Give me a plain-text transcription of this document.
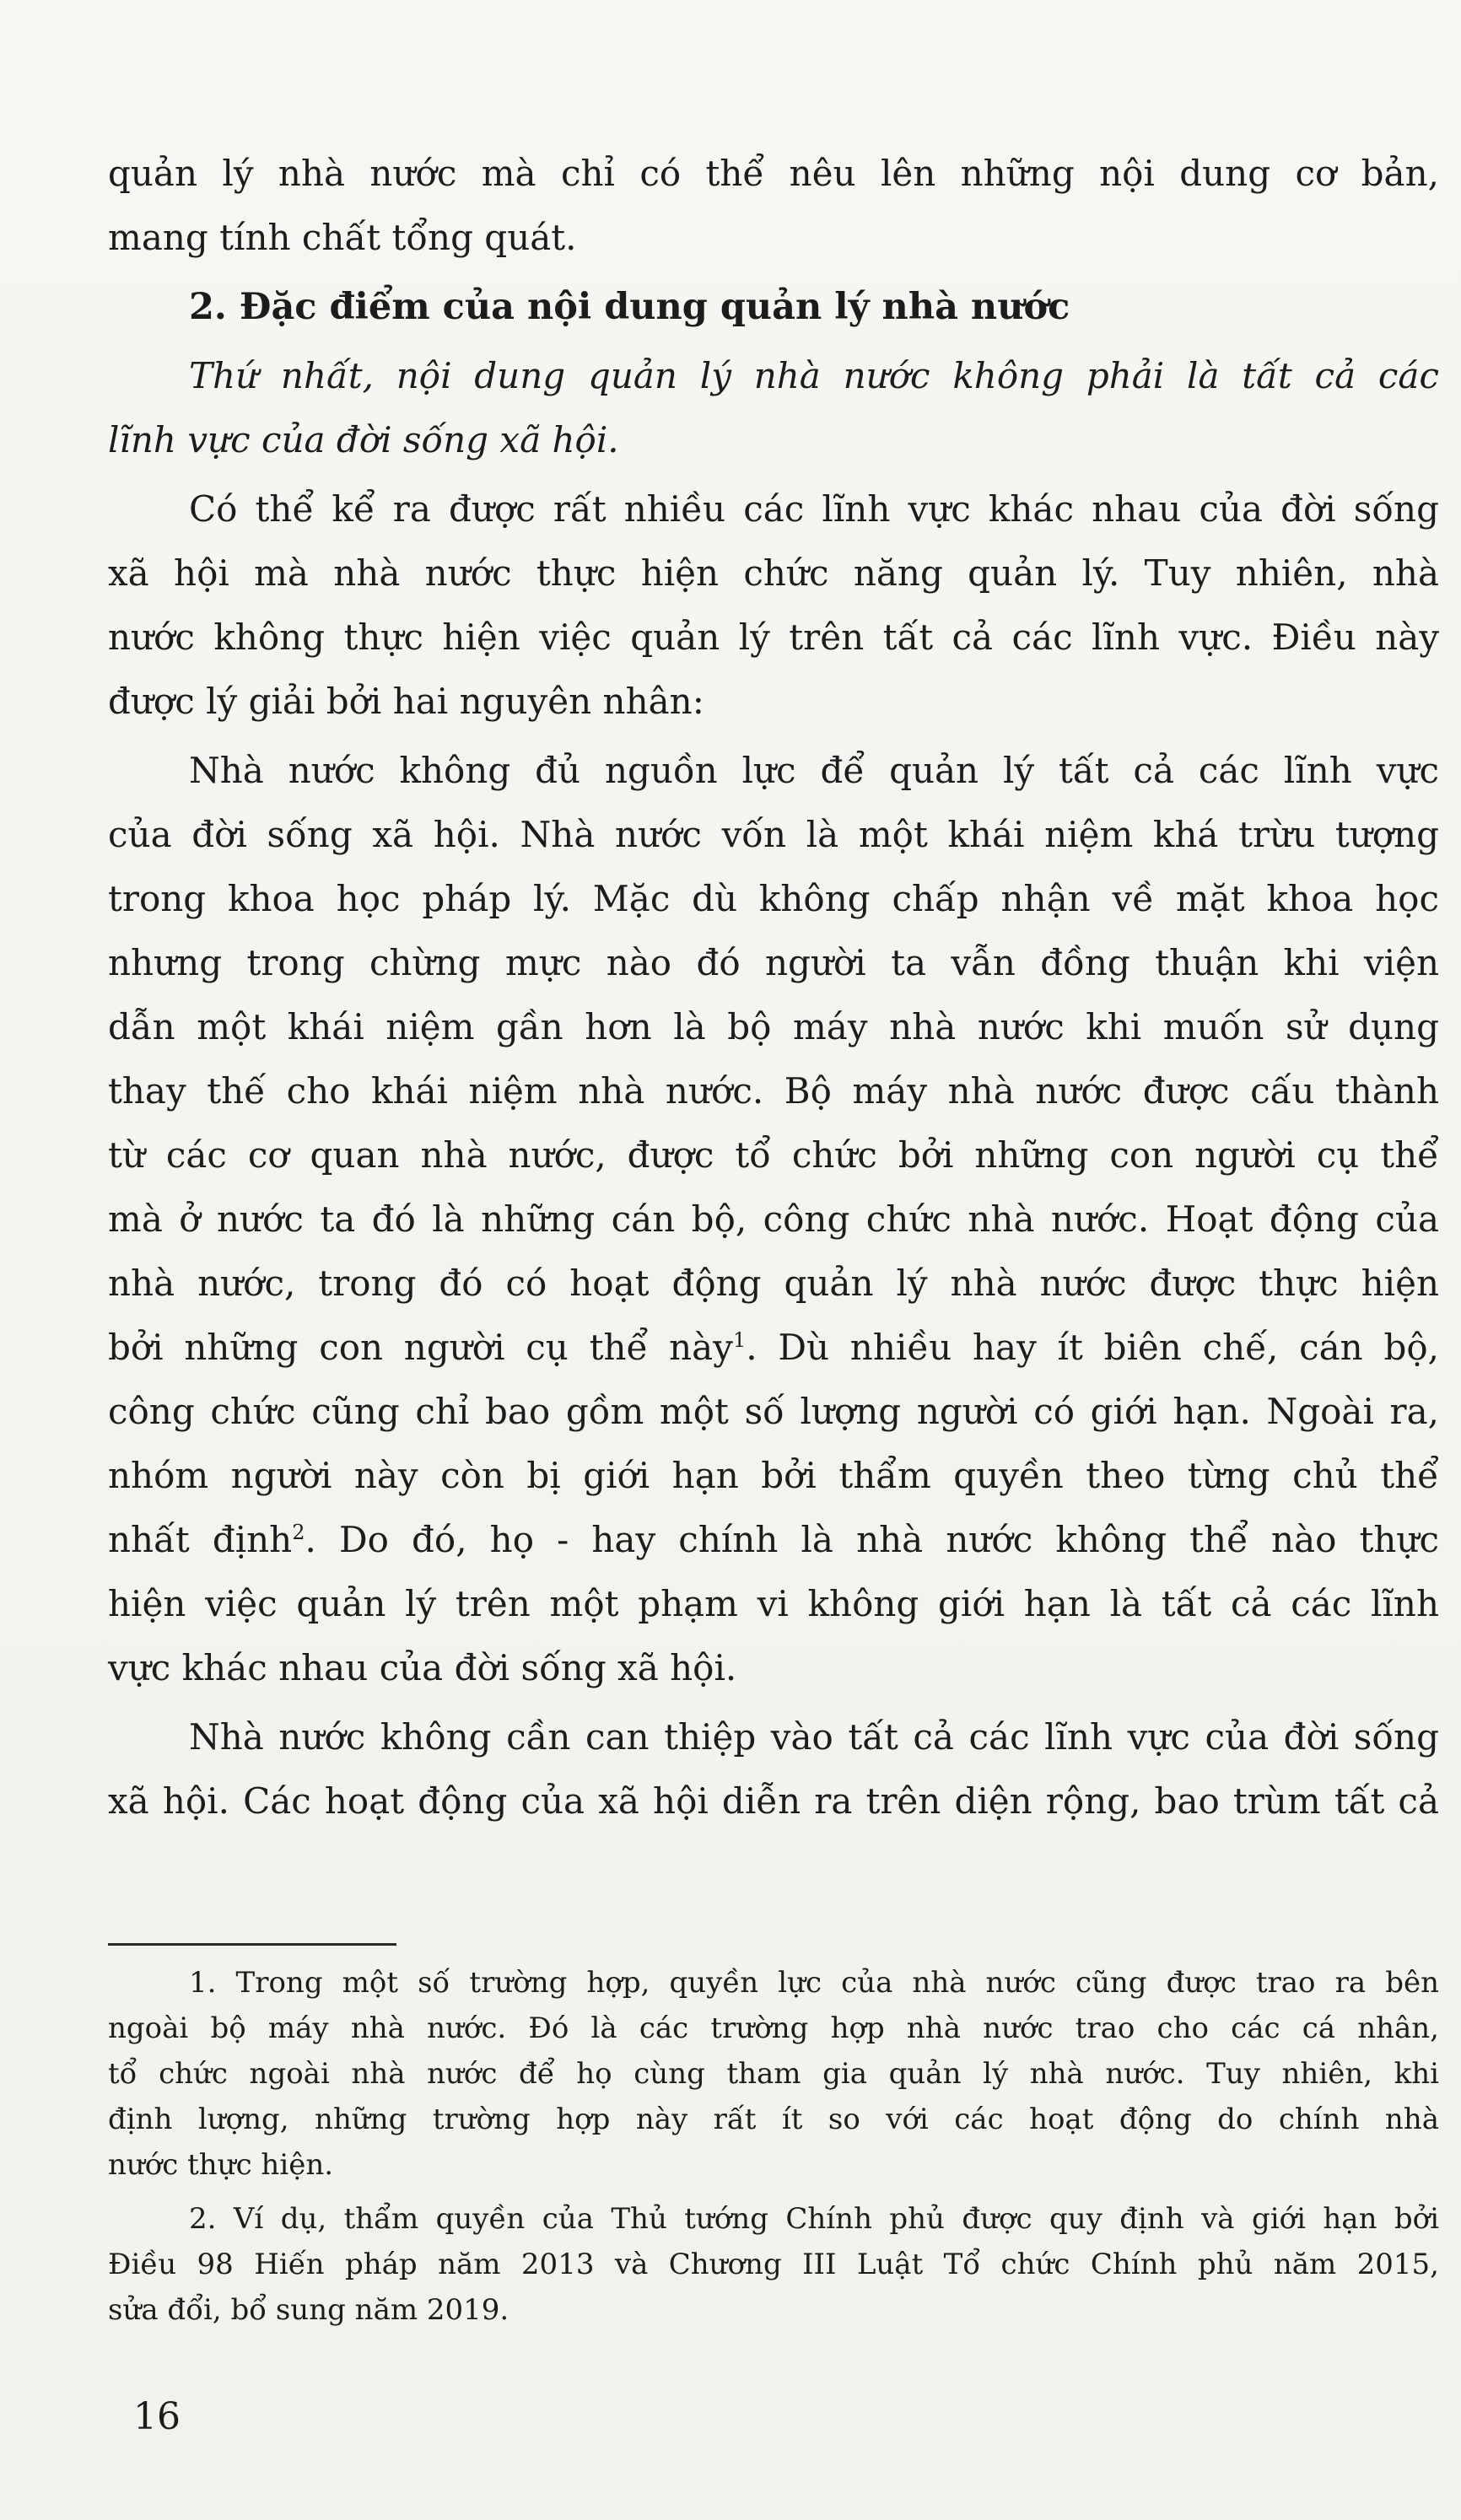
quản lý nhà nước mà chỉ có thể nêu lên những nội dung cơ bản,
mang tính chất tổng quát.
2. Đặc điểm của nội dung quản lý nhà nước
Thứ nhất, nội dung quản lý nhà nước không phải là tất cả các
lĩnh vực của đời sống xã hội.
Có thể kể ra được rất nhiều các lĩnh vực khác nhau của đời sống
xã hội mà nhà nước thực hiện chức năng quản lý. Tuy nhiên, nhà
nước không thực hiện việc quản lý trên tất cả các lĩnh vực. Điều này
được lý giải bởi hai nguyên nhân:
Nhà nước không đủ nguồn lực để quản lý tất cả các lĩnh vực
của đời sống xã hội. Nhà nước vốn là một khái niệm khá trừu tượng
trong khoa học pháp lý. Mặc dù không chấp nhận về mặt khoa học
nhưng trong chừng mực nào đó người ta vẫn đồng thuận khi viện
dẫn một khái niệm gần hơn là bộ máy nhà nước khi muốn sử dụng
thay thế cho khái niệm nhà nước. Bộ máy nhà nước được cấu thành
từ các cơ quan nhà nước, được tổ chức bởi những con người cụ thể
mà ở nước ta đó là những cán bộ, công chức nhà nước. Hoạt động của
nhà nước, trong đó có hoạt động quản lý nhà nước được thực hiện
bởi những con người cụ thể này$^1$. Dù nhiều hay ít biên chế, cán bộ,
công chức cũng chỉ bao gồm một số lượng người có giới hạn. Ngoài ra,
nhóm người này còn bị giới hạn bởi thẩm quyền theo từng chủ thể
nhất định$^2$. Do đó, họ - hay chính là nhà nước không thể nào thực
hiện việc quản lý trên một phạm vi không giới hạn là tất cả các lĩnh
vực khác nhau của đời sống xã hội.
Nhà nước không cần can thiệp vào tất cả các lĩnh vực của đời sống
xã hội. Các hoạt động của xã hội diễn ra trên diện rộng, bao trùm tất cả
1. Trong một số trường hợp, quyền lực của nhà nước cũng được trao ra bên
ngoài bộ máy nhà nước. Đó là các trường hợp nhà nước trao cho các cá nhân,
tổ chức ngoài nhà nước để họ cùng tham gia quản lý nhà nước. Tuy nhiên, khi
định lượng, những trường hợp này rất ít so với các hoạt động do chính nhà
nước thực hiện.
2. Ví dụ, thẩm quyền của Thủ tướng Chính phủ được quy định và giới hạn bởi
Điều 98 Hiến pháp năm 2013 và Chương III Luật Tổ chức Chính phủ năm 2015,
sửa đổi, bổ sung năm 2019.
16
